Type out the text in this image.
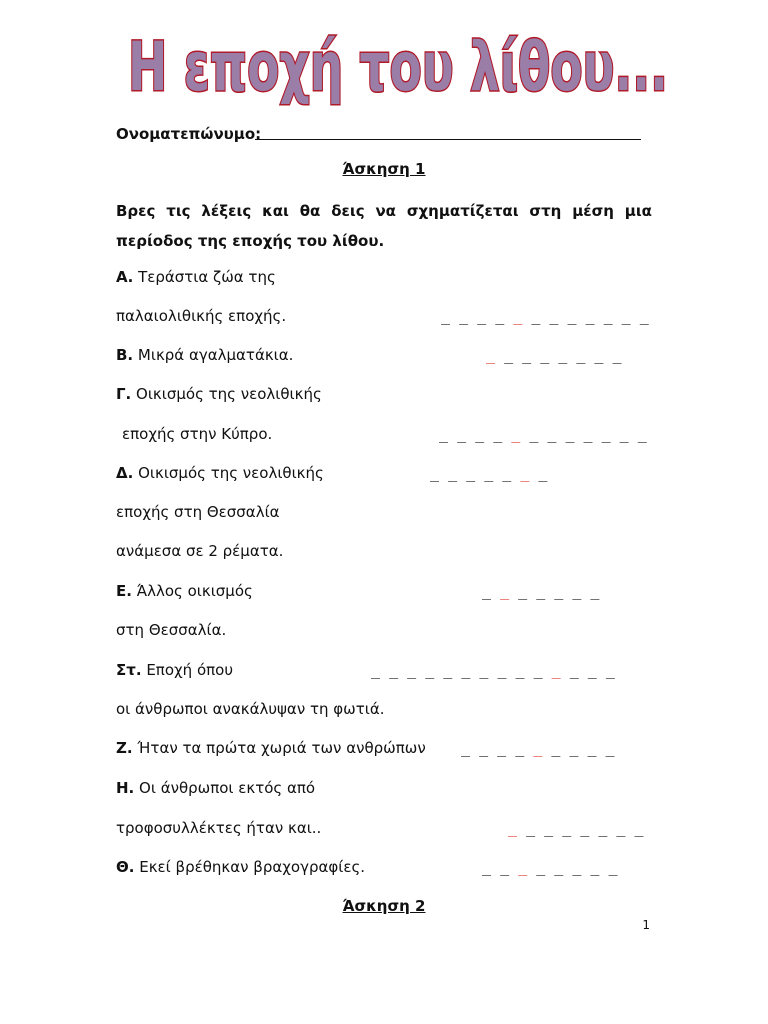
Η εποχή του λίθου...
Ονοματεπώνυμο:
Άσκηση 1
Βρες τις λέξεις και θα δεις να σχηματίζεται στη μέση μια περίοδος της εποχής του λίθου.
Α. Τεράστια ζώα της
παλαιολιθικής εποχής.	_  _  _  _  _  _  _  _  _  _  _  _
Β. Μικρά αγαλματάκια.	_  _  _  _  _  _  _  _
Γ. Οικισμός της νεολιθικής
εποχής στην Κύπρο.	_  _  _  _  _  _  _  _  _  _  _  _
Δ. Οικισμός της νεολιθικής	_  _  _  _  _  _  _
εποχής στη Θεσσαλία
ανάμεσα σε 2 ρέματα.
Ε. Άλλος οικισμός	_  _  _  _  _  _  _
στη Θεσσαλία.
Στ. Εποχή όπου	_  _  _  _  _  _  _  _  _  _  _  _  _  _
οι άνθρωποι ανακάλυψαν τη φωτιά.
Ζ. Ήταν τα πρώτα χωριά των ανθρώπων _  _  _  _  _  _  _  _  _
Η. Οι άνθρωποι εκτός από
τροφοσυλλέκτες ήταν και..	_  _  _  _  _  _  _  _
Θ. Εκεί βρέθηκαν βραχογραφίες.	_  _  _  _  _  _  _  _
Άσκηση 2
1
